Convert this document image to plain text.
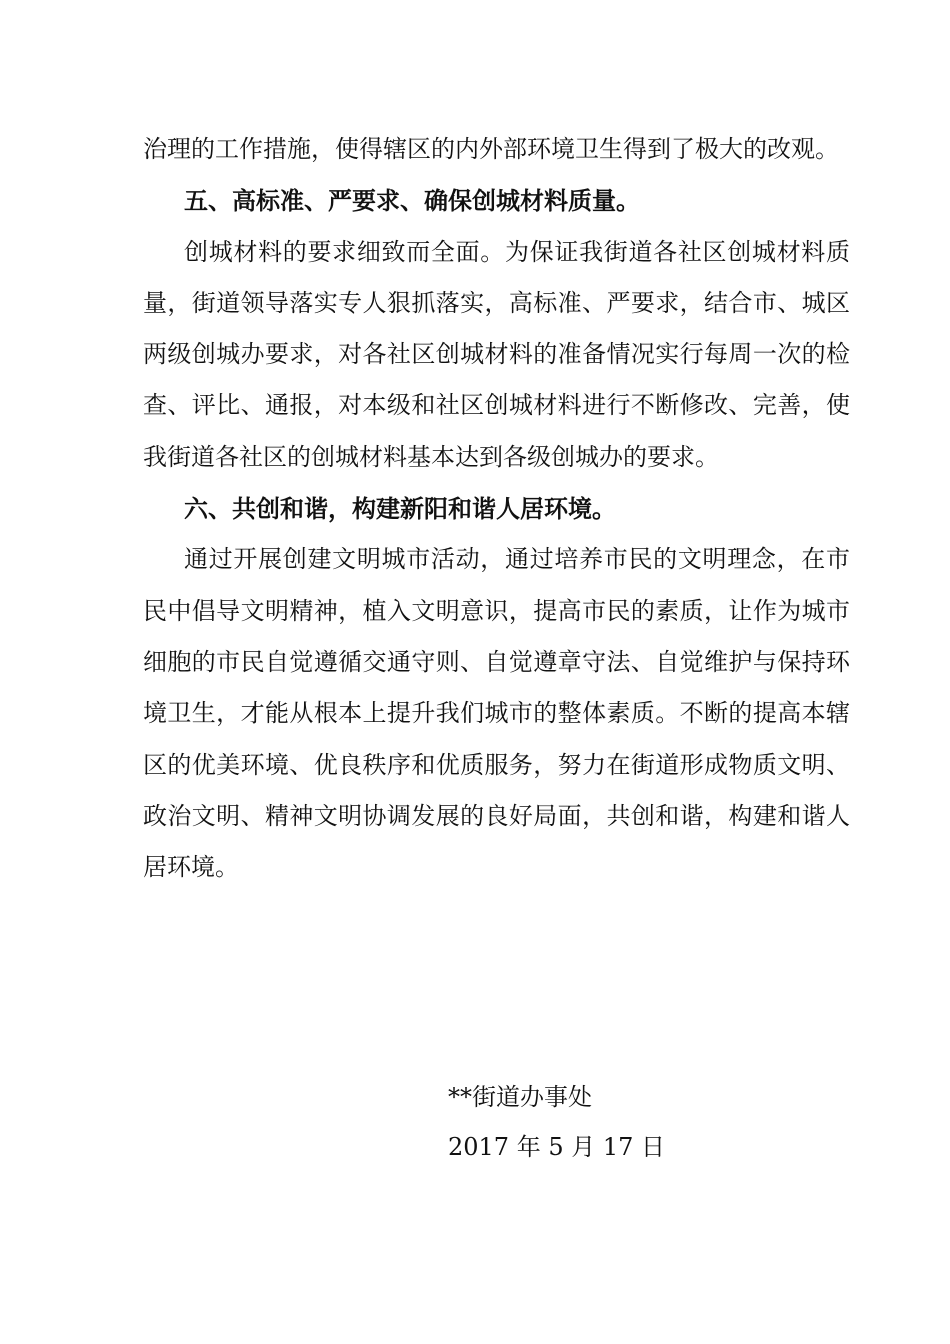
治理的工作措施，使得辖区的内外部环境卫生得到了极大的改观。

五、高标准、严要求、确保创城材料质量。

创城材料的要求细致而全面。为保证我街道各社区创城材料质量，街道领导落实专人狠抓落实，高标准、严要求，结合市、城区两级创城办要求，对各社区创城材料的准备情况实行每周一次的检查、评比、通报，对本级和社区创城材料进行不断修改、完善，使我街道各社区的创城材料基本达到各级创城办的要求。

六、共创和谐，构建新阳和谐人居环境。

通过开展创建文明城市活动，通过培养市民的文明理念，在市民中倡导文明精神，植入文明意识，提高市民的素质，让作为城市细胞的市民自觉遵循交通守则、自觉遵章守法、自觉维护与保持环境卫生，才能从根本上提升我们城市的整体素质。不断的提高本辖区的优美环境、优良秩序和优质服务，努力在街道形成物质文明、政治文明、精神文明协调发展的良好局面，共创和谐，构建和谐人居环境。

**街道办事处
2017 年 5 月 17 日
